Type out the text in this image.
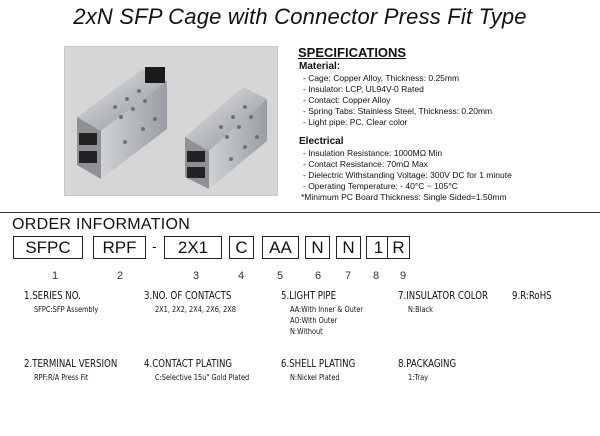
2xN SFP Cage with Connector Press Fit Type
SPECIFICATIONS
Material:
- Cage: Copper Alloy, Thickness: 0.25mm
- Insulator: LCP, UL94V-0 Rated
- Contact: Copper Alloy
- Spring Tabs: Stainless Steel, Thickness: 0.20mm
- Light pipe: PC, Clear color
Electrical
- Insulation Resistance: 1000MΩ Min
- Contact Resistance: 70mΩ Max
- Dielectric Withstanding Voltage: 300V DC for 1 minute
- Operating Temperature: - 40°C ~ 105°C
*Minimum PC Board Thickness: Single Sided=1.50mm
ORDER INFORMATION
SFPC	RPF	-	2X1	C	AA	N	N	1 R
1	2	3	4	5	6	7	8	9
1.SERIES NO.
SFPC:SFP Assembly
3.NO. OF CONTACTS
2X1, 2X2, 2X4, 2X6, 2X8
5.LIGHT PIPE
AA:With Inner & Outer
AO:With Outer
N:Without
7.INSULATOR COLOR
N:Black
9.R:RoHS
2.TERMINAL VERSION
RPF:R/A Press Fit
4.CONTACT PLATING
C:Selective 15u" Gold Plated
6.SHELL PLATING
N:Nickel Plated
8.PACKAGING
1:Tray
